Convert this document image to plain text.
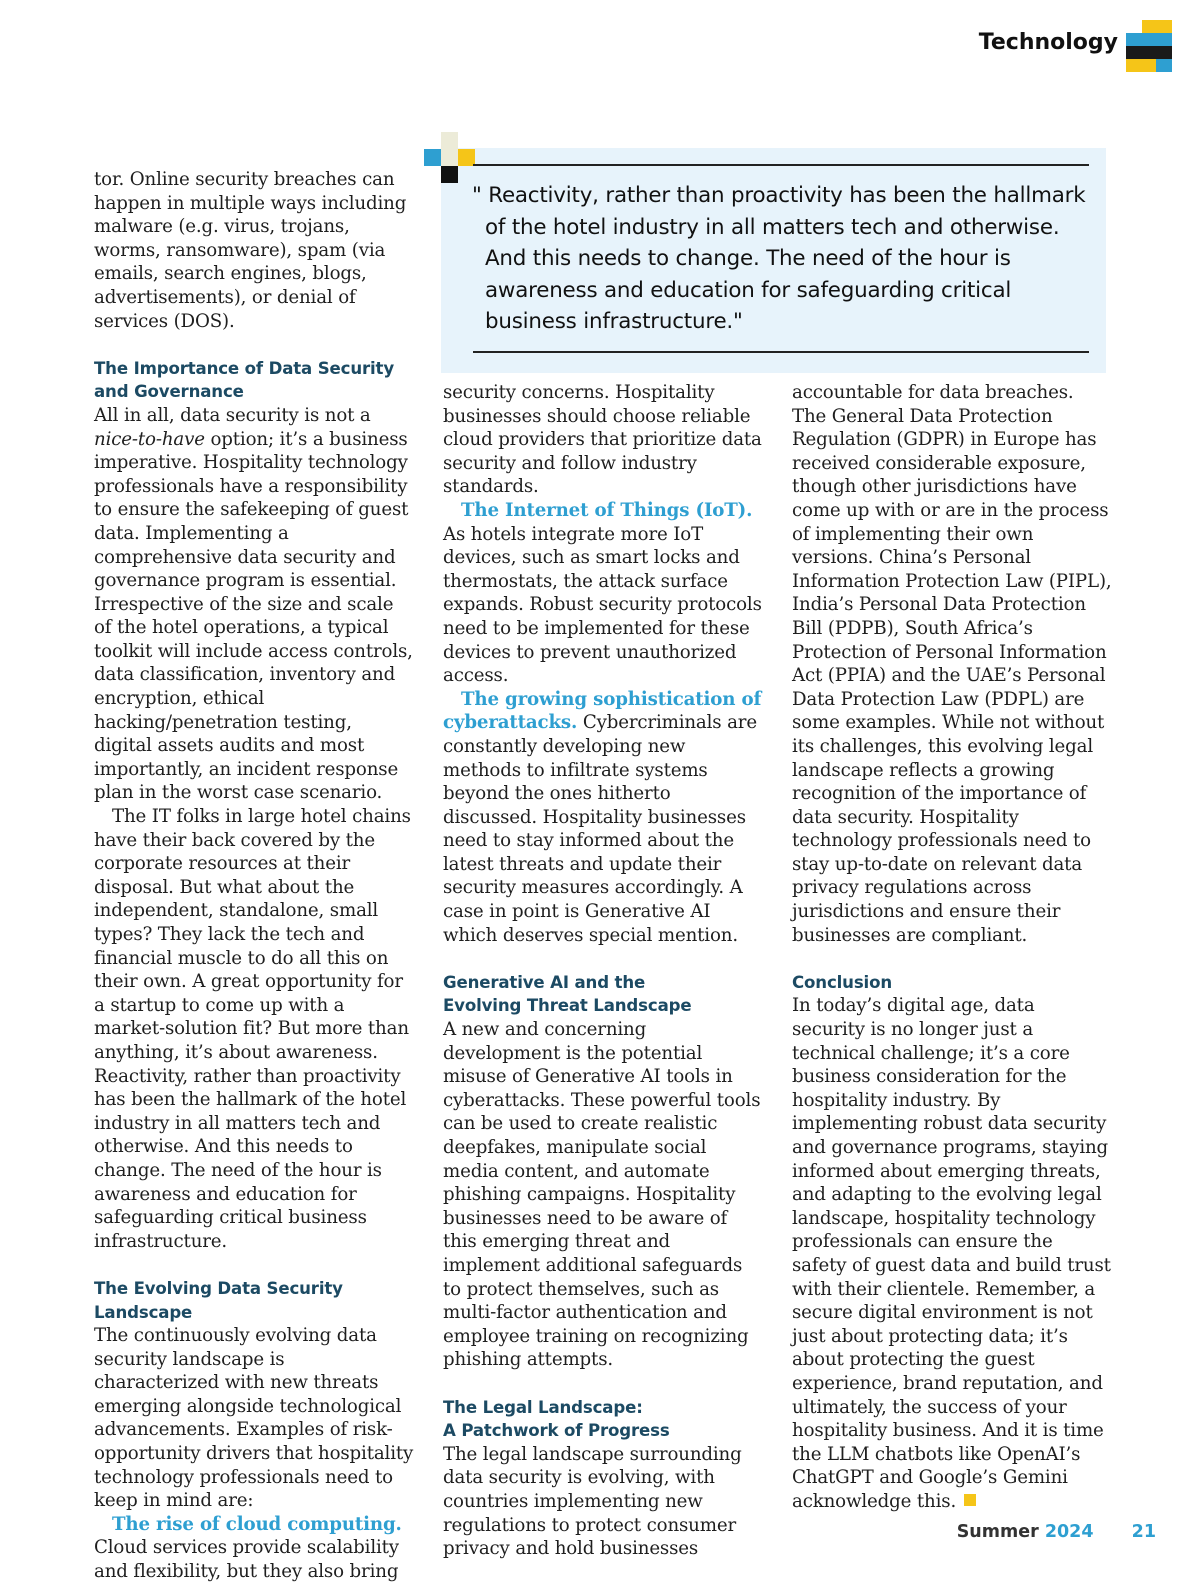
Technology
" Reactivity, rather than proactivity has been the hallmark
of the hotel industry in all matters tech and otherwise.
And this needs to change. The need of the hour is
awareness and education for safeguarding critical
business infrastructure."

tor. Online security breaches can happen in multiple ways including malware (e.g. virus, trojans, worms, ransomware), spam (via emails, search engines, blogs, advertisements), or denial of services (DOS).

The Importance of Data Security
and Governance

All in all, data security is not a nice-to-have option; it’s a business imperative. Hospitality technology professionals have a responsibility to ensure the safekeeping of guest data. Implementing a comprehensive data security and governance program is essential. Irrespective of the size and scale of the hotel operations, a typical toolkit will include access controls, data classification, inventory and encryption, ethical hacking/penetration testing, digital assets audits and most importantly, an incident response plan in the worst case scenario.

The IT folks in large hotel chains have their back covered by the corporate resources at their disposal. But what about the independent, standalone, small types? They lack the tech and financial muscle to do all this on their own. A great opportunity for a startup to come up with a market-solution fit? But more than anything, it’s about awareness. Reactivity, rather than proactivity has been the hallmark of the hotel industry in all matters tech and otherwise. And this needs to change. The need of the hour is awareness and education for safeguarding critical business infrastructure.

The Evolving Data Security
Landscape

The continuously evolving data security landscape is characterized with new threats emerging alongside technological advancements. Examples of risk-opportunity drivers that hospitality technology professionals need to keep in mind are:

The rise of cloud computing. Cloud services provide scalability and flexibility, but they also bring

security concerns. Hospitality businesses should choose reliable cloud providers that prioritize data security and follow industry standards.

The Internet of Things (IoT). As hotels integrate more IoT devices, such as smart locks and thermostats, the attack surface expands. Robust security protocols need to be implemented for these devices to prevent unauthorized access.

The growing sophistication of cyberattacks. Cybercriminals are constantly developing new methods to infiltrate systems beyond the ones hitherto discussed. Hospitality businesses need to stay informed about the latest threats and update their security measures accordingly. A case in point is Generative AI which deserves special mention.

Generative AI and the
Evolving Threat Landscape

A new and concerning development is the potential misuse of Generative AI tools in cyberattacks. These powerful tools can be used to create realistic deepfakes, manipulate social media content, and automate phishing campaigns. Hospitality businesses need to be aware of this emerging threat and implement additional safeguards to protect themselves, such as multi-factor authentication and employee training on recognizing phishing attempts.

The Legal Landscape:
A Patchwork of Progress

The legal landscape surrounding data security is evolving, with countries implementing new regulations to protect consumer privacy and hold businesses

accountable for data breaches. The General Data Protection Regulation (GDPR) in Europe has received considerable exposure, though other jurisdictions have come up with or are in the process of implementing their own versions. China’s Personal Information Protection Law (PIPL), India’s Personal Data Protection Bill (PDPB), South Africa’s Protection of Personal Information Act (PPIA) and the UAE’s Personal Data Protection Law (PDPL) are some examples. While not without its challenges, this evolving legal landscape reflects a growing recognition of the importance of data security. Hospitality technology professionals need to stay up-to-date on relevant data privacy regulations across jurisdictions and ensure their businesses are compliant.

Conclusion

In today’s digital age, data security is no longer just a technical challenge; it’s a core business consideration for the hospitality industry. By implementing robust data security and governance programs, staying informed about emerging threats, and adapting to the evolving legal landscape, hospitality technology professionals can ensure the safety of guest data and build trust with their clientele. Remember, a secure digital environment is not just about protecting data; it’s about protecting the guest experience, brand reputation, and ultimately, the success of your hospitality business. And it is time the LLM chatbots like OpenAI’s ChatGPT and Google’s Gemini acknowledge this.

Summer 2024 21
